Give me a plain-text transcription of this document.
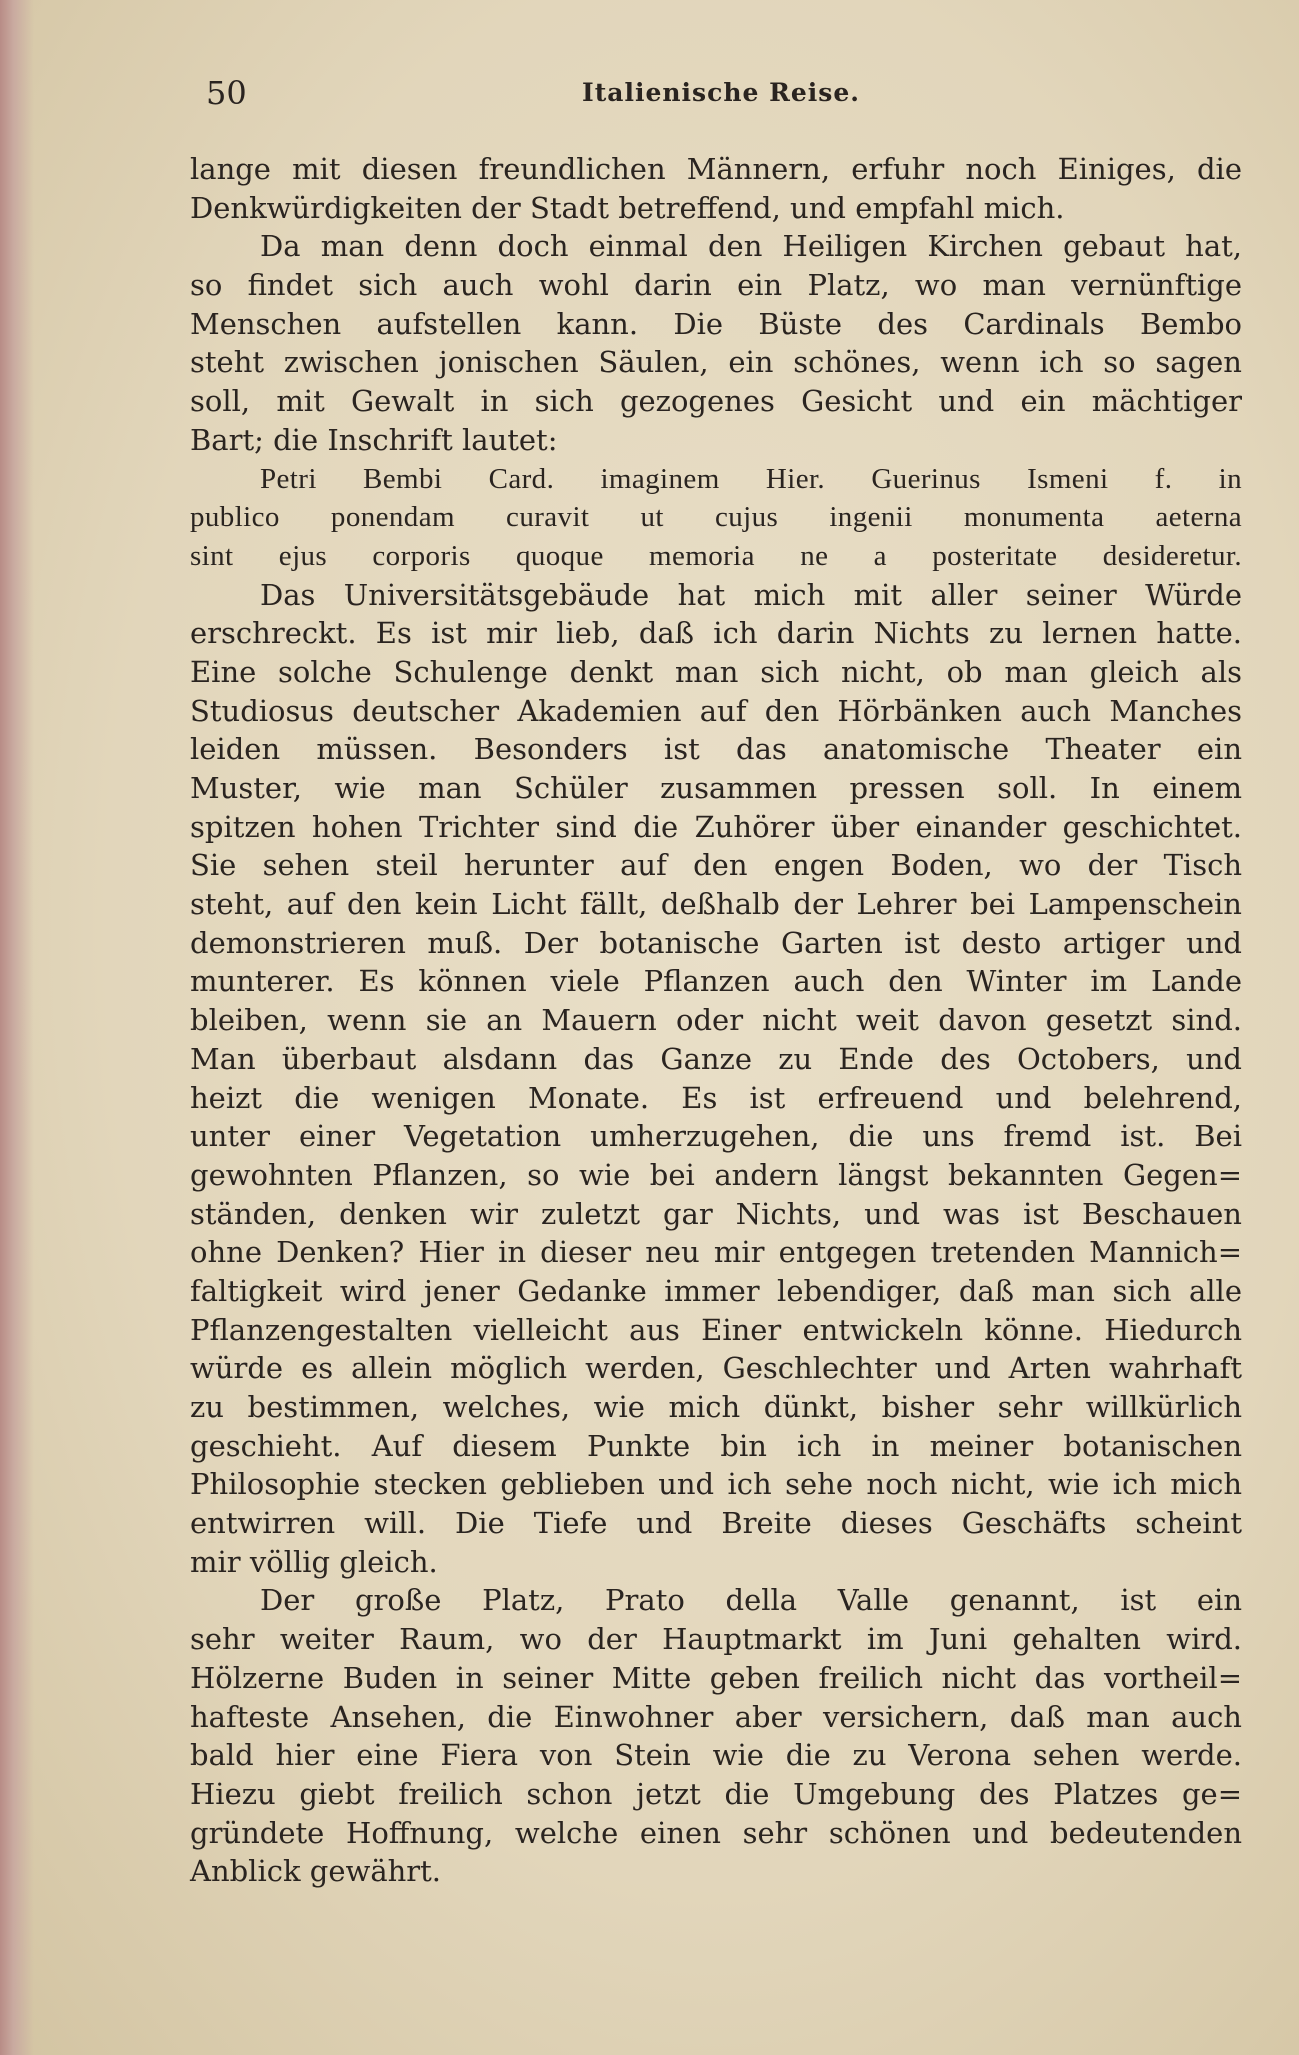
50	Italienische Reise.
lange mit diesen freundlichen Männern, erfuhr noch Einiges, die
Denkwürdigkeiten der Stadt betreffend, und empfahl mich.
Da man denn doch einmal den Heiligen Kirchen gebaut hat,
so findet sich auch wohl darin ein Platz, wo man vernünftige
Menschen aufstellen kann. Die Büste des Cardinals Bembo
steht zwischen jonischen Säulen, ein schönes, wenn ich so sagen
soll, mit Gewalt in sich gezogenes Gesicht und ein mächtiger
Bart; die Inschrift lautet:
Petri Bembi Card. imaginem Hier. Guerinus Ismeni f. in
publico ponendam curavit ut cujus ingenii monumenta aeterna
sint ejus corporis quoque memoria ne a posteritate desideretur.
Das Universitätsgebäude hat mich mit aller seiner Würde
erschreckt. Es ist mir lieb, daß ich darin Nichts zu lernen hatte.
Eine solche Schulenge denkt man sich nicht, ob man gleich als
Studiosus deutscher Akademien auf den Hörbänken auch Manches
leiden müssen. Besonders ist das anatomische Theater ein
Muster, wie man Schüler zusammen pressen soll. In einem
spitzen hohen Trichter sind die Zuhörer über einander geschichtet.
Sie sehen steil herunter auf den engen Boden, wo der Tisch
steht, auf den kein Licht fällt, deßhalb der Lehrer bei Lampenschein
demonstrieren muß. Der botanische Garten ist desto artiger und
munterer. Es können viele Pflanzen auch den Winter im Lande
bleiben, wenn sie an Mauern oder nicht weit davon gesetzt sind.
Man überbaut alsdann das Ganze zu Ende des Octobers, und
heizt die wenigen Monate. Es ist erfreuend und belehrend,
unter einer Vegetation umherzugehen, die uns fremd ist. Bei
gewohnten Pflanzen, so wie bei andern längst bekannten Gegen=
ständen, denken wir zuletzt gar Nichts, und was ist Beschauen
ohne Denken? Hier in dieser neu mir entgegen tretenden Mannich=
faltigkeit wird jener Gedanke immer lebendiger, daß man sich alle
Pflanzengestalten vielleicht aus Einer entwickeln könne. Hiedurch
würde es allein möglich werden, Geschlechter und Arten wahrhaft
zu bestimmen, welches, wie mich dünkt, bisher sehr willkürlich
geschieht. Auf diesem Punkte bin ich in meiner botanischen
Philosophie stecken geblieben und ich sehe noch nicht, wie ich mich
entwirren will. Die Tiefe und Breite dieses Geschäfts scheint
mir völlig gleich.
Der große Platz, Prato della Valle genannt, ist ein
sehr weiter Raum, wo der Hauptmarkt im Juni gehalten wird.
Hölzerne Buden in seiner Mitte geben freilich nicht das vortheil=
hafteste Ansehen, die Einwohner aber versichern, daß man auch
bald hier eine Fiera von Stein wie die zu Verona sehen werde.
Hiezu giebt freilich schon jetzt die Umgebung des Platzes ge=
gründete Hoffnung, welche einen sehr schönen und bedeutenden
Anblick gewährt.
